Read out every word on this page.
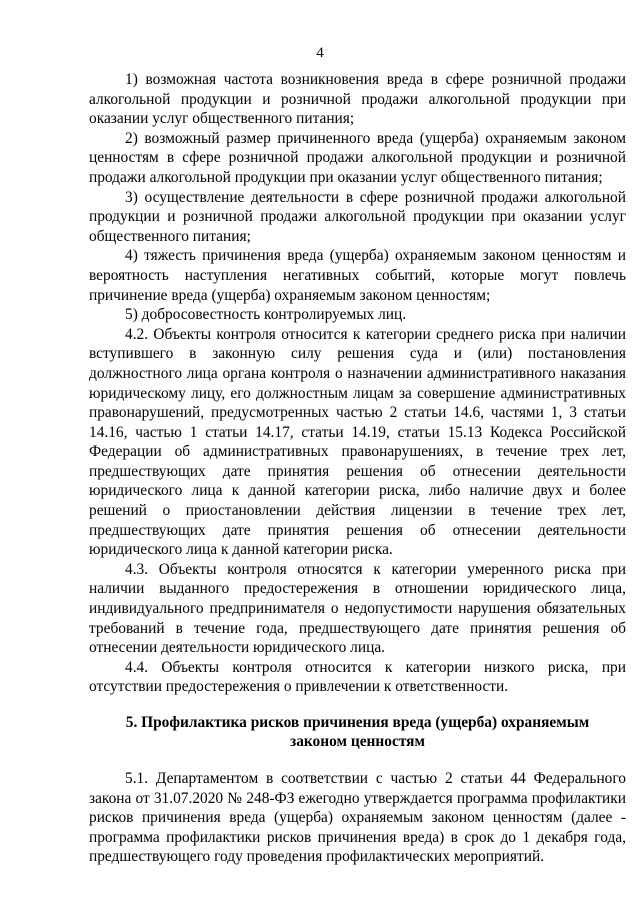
4

1) возможная частота возникновения вреда в сфере розничной продажи алкогольной продукции и розничной продажи алкогольной продукции при оказании услуг общественного питания;

2) возможный размер причиненного вреда (ущерба) охраняемым законом ценностям в сфере розничной продажи алкогольной продукции и розничной продажи алкогольной продукции при оказании услуг общественного питания;

3) осуществление деятельности в сфере розничной продажи алкогольной продукции и розничной продажи алкогольной продукции при оказании услуг общественного питания;

4) тяжесть причинения вреда (ущерба) охраняемым законом ценностям и вероятность наступления негативных событий, которые могут повлечь причинение вреда (ущерба) охраняемым законом ценностям;

5) добросовестность контролируемых лиц.

4.2. Объекты контроля относится к категории среднего риска при наличии вступившего в законную силу решения суда и (или) постановления должностного лица органа контроля о назначении административного наказания юридическому лицу, его должностным лицам за совершение административных правонарушений, предусмотренных частью 2 статьи 14.6, частями 1, 3 статьи 14.16, частью 1 статьи 14.17, статьи 14.19, статьи 15.13 Кодекса Российской Федерации об административных правонарушениях, в течение трех лет, предшествующих дате принятия решения об отнесении деятельности юридического лица к данной категории риска, либо наличие двух и более решений о приостановлении действия лицензии в течение трех лет, предшествующих дате принятия решения об отнесении деятельности юридического лица к данной категории риска.

4.3. Объекты контроля относятся к категории умеренного риска при наличии выданного предостережения в отношении юридического лица, индивидуального предпринимателя о недопустимости нарушения обязательных требований в течение года, предшествующего дате принятия решения об отнесении деятельности юридического лица.

4.4. Объекты контроля относится к категории низкого риска, при отсутствии предостережения о привлечении к ответственности.

5. Профилактика рисков причинения вреда (ущерба) охраняемым
законом ценностям

5.1. Департаментом в соответствии с частью 2 статьи 44 Федерального закона от 31.07.2020 № 248-ФЗ ежегодно утверждается программа профилактики рисков причинения вреда (ущерба) охраняемым законом ценностям (далее - программа профилактики рисков причинения вреда) в срок до 1 декабря года, предшествующего году проведения профилактических мероприятий.
